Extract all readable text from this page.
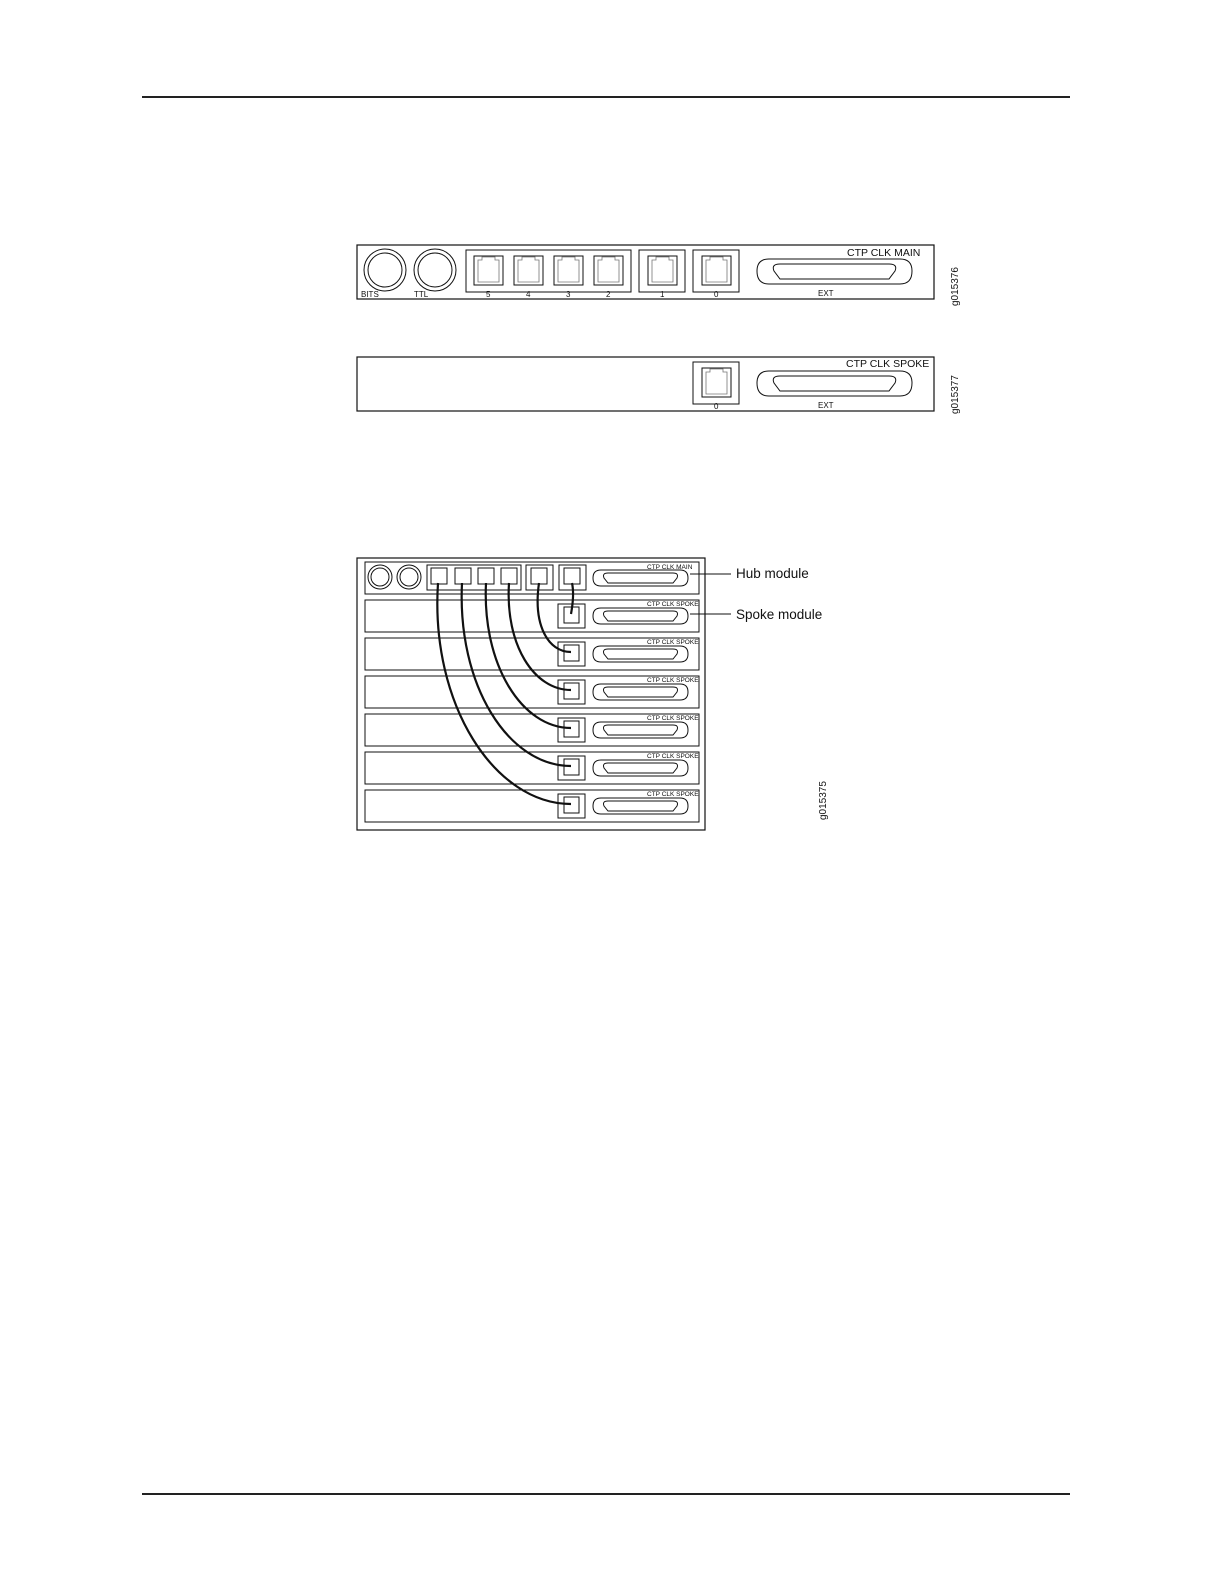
BITS	TTL	5	4	3	2	1	0	EXT
CTP CLK MAIN
g015376
0	EXT
CTP CLK SPOKE
g015377
CTP CLK MAIN
CTP CLK SPOKE
CTP CLK SPOKE
CTP CLK SPOKE
CTP CLK SPOKE
CTP CLK SPOKE
CTP CLK SPOKE
Hub module
Spoke module
g015375
